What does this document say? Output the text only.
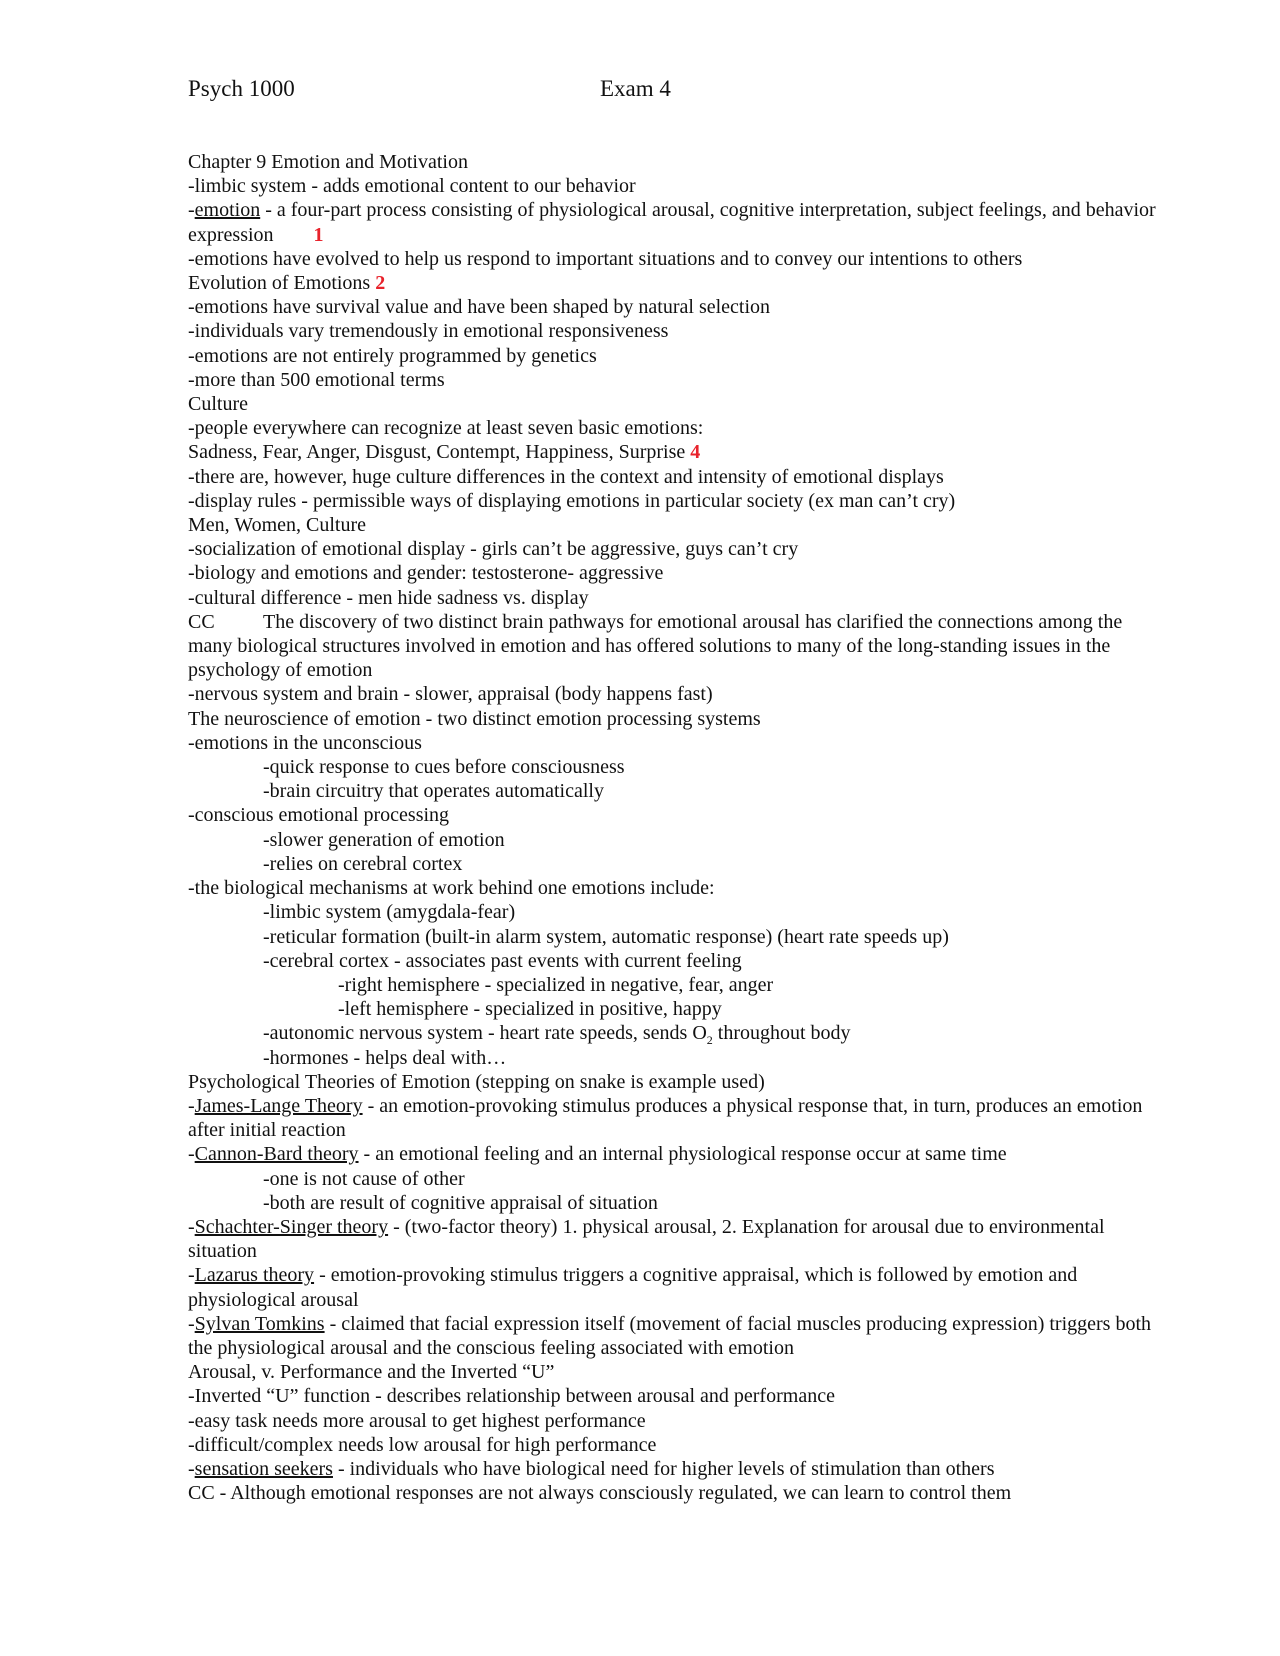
Psych 1000	Exam 4

Chapter 9 Emotion and Motivation

-limbic system - adds emotional content to our behavior

-emotion - a four-part process consisting of physiological arousal, cognitive interpretation, subject feelings, and behavior expression 1

-emotions have evolved to help us respond to important situations and to convey our intentions to others

Evolution of Emotions 2

-emotions have survival value and have been shaped by natural selection

-individuals vary tremendously in emotional responsiveness

-emotions are not entirely programmed by genetics

-more than 500 emotional terms

Culture

-people everywhere can recognize at least seven basic emotions:

Sadness, Fear, Anger, Disgust, Contempt, Happiness, Surprise 4

-there are, however, huge culture differences in the context and intensity of emotional displays

-display rules - permissible ways of displaying emotions in particular society (ex man can’t cry)

Men, Women, Culture

-socialization of emotional display - girls can’t be aggressive, guys can’t cry

-biology and emotions and gender: testosterone- aggressive

-cultural difference - men hide sadness vs. display

CC The discovery of two distinct brain pathways for emotional arousal has clarified the connections among the many biological structures involved in emotion and has offered solutions to many of the long-standing issues in the psychology of emotion

-nervous system and brain - slower, appraisal (body happens fast)

The neuroscience of emotion - two distinct emotion processing systems

-emotions in the unconscious

-quick response to cues before consciousness

-brain circuitry that operates automatically

-conscious emotional processing

-slower generation of emotion

-relies on cerebral cortex

-the biological mechanisms at work behind one emotions include:

-limbic system (amygdala-fear)

-reticular formation (built-in alarm system, automatic response) (heart rate speeds up)

-cerebral cortex - associates past events with current feeling

-right hemisphere - specialized in negative, fear, anger

-left hemisphere - specialized in positive, happy

-autonomic nervous system - heart rate speeds, sends $O_2$ throughout body

-hormones - helps deal with…

Psychological Theories of Emotion (stepping on snake is example used)

-James-Lange Theory - an emotion-provoking stimulus produces a physical response that, in turn, produces an emotion after initial reaction

-Cannon-Bard theory - an emotional feeling and an internal physiological response occur at same time

-one is not cause of other

-both are result of cognitive appraisal of situation

-Schachter-Singer theory - (two-factor theory) 1. physical arousal, 2. Explanation for arousal due to environmental situation

-Lazarus theory - emotion-provoking stimulus triggers a cognitive appraisal, which is followed by emotion and physiological arousal

-Sylvan Tomkins - claimed that facial expression itself (movement of facial muscles producing expression) triggers both the physiological arousal and the conscious feeling associated with emotion

Arousal, v. Performance and the Inverted “U”

-Inverted “U” function - describes relationship between arousal and performance

-easy task needs more arousal to get highest performance

-difficult/complex needs low arousal for high performance

-sensation seekers - individuals who have biological need for higher levels of stimulation than others

CC - Although emotional responses are not always consciously regulated, we can learn to control them
